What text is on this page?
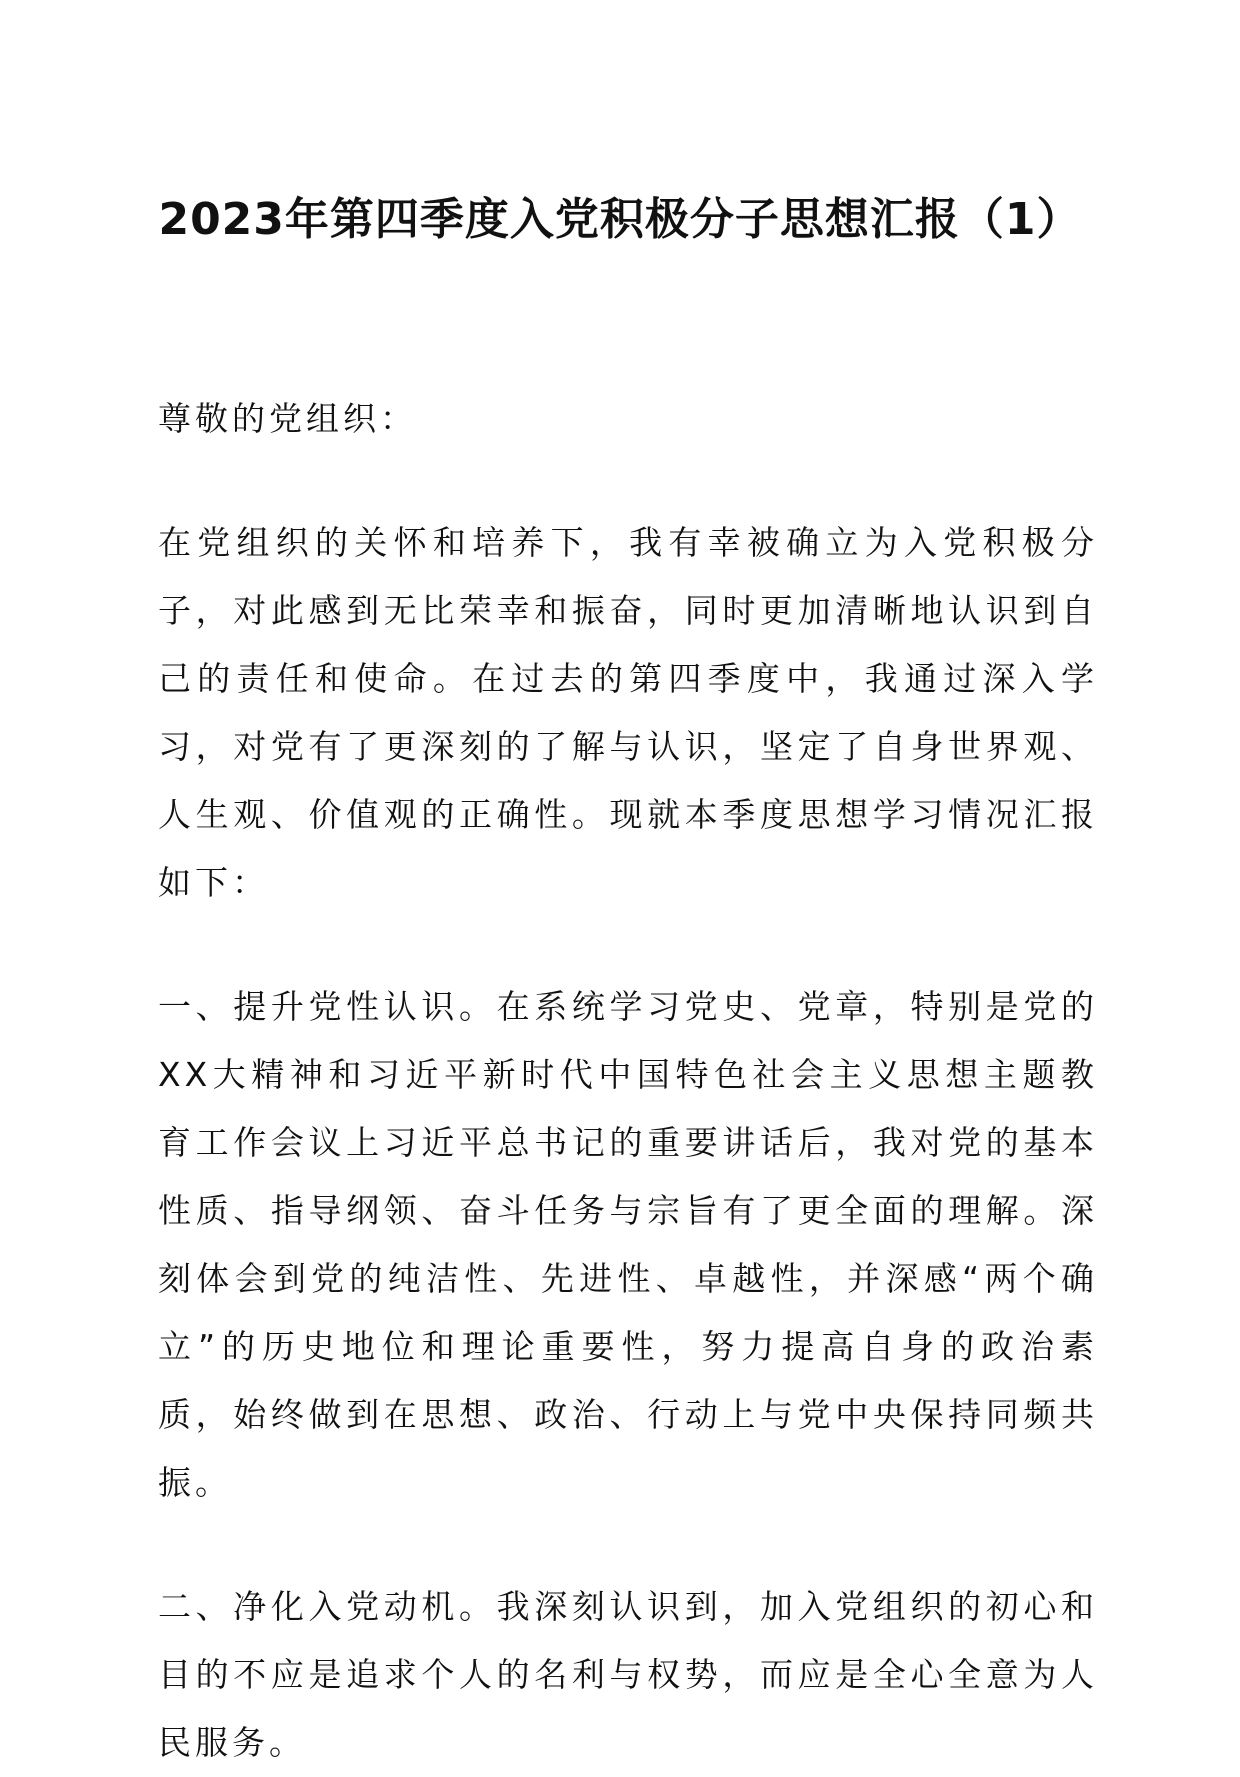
2023年第四季度入党积极分子思想汇报（1）

尊敬的党组织：

在党组织的关怀和培养下，我有幸被确立为入党积极分子，对此感到无比荣幸和振奋，同时更加清晰地认识到自己的责任和使命。在过去的第四季度中，我通过深入学习，对党有了更深刻的了解与认识，坚定了自身世界观、人生观、价值观的正确性。现就本季度思想学习情况汇报如下：

一、提升党性认识。在系统学习党史、党章，特别是党的XX大精神和习近平新时代中国特色社会主义思想主题教育工作会议上习近平总书记的重要讲话后，我对党的基本性质、指导纲领、奋斗任务与宗旨有了更全面的理解。深刻体会到党的纯洁性、先进性、卓越性，并深感“两个确立”的历史地位和理论重要性，努力提高自身的政治素质，始终做到在思想、政治、行动上与党中央保持同频共振。

二、净化入党动机。我深刻认识到，加入党组织的初心和目的不应是追求个人的名利与权势，而应是全心全意为人民服务。
